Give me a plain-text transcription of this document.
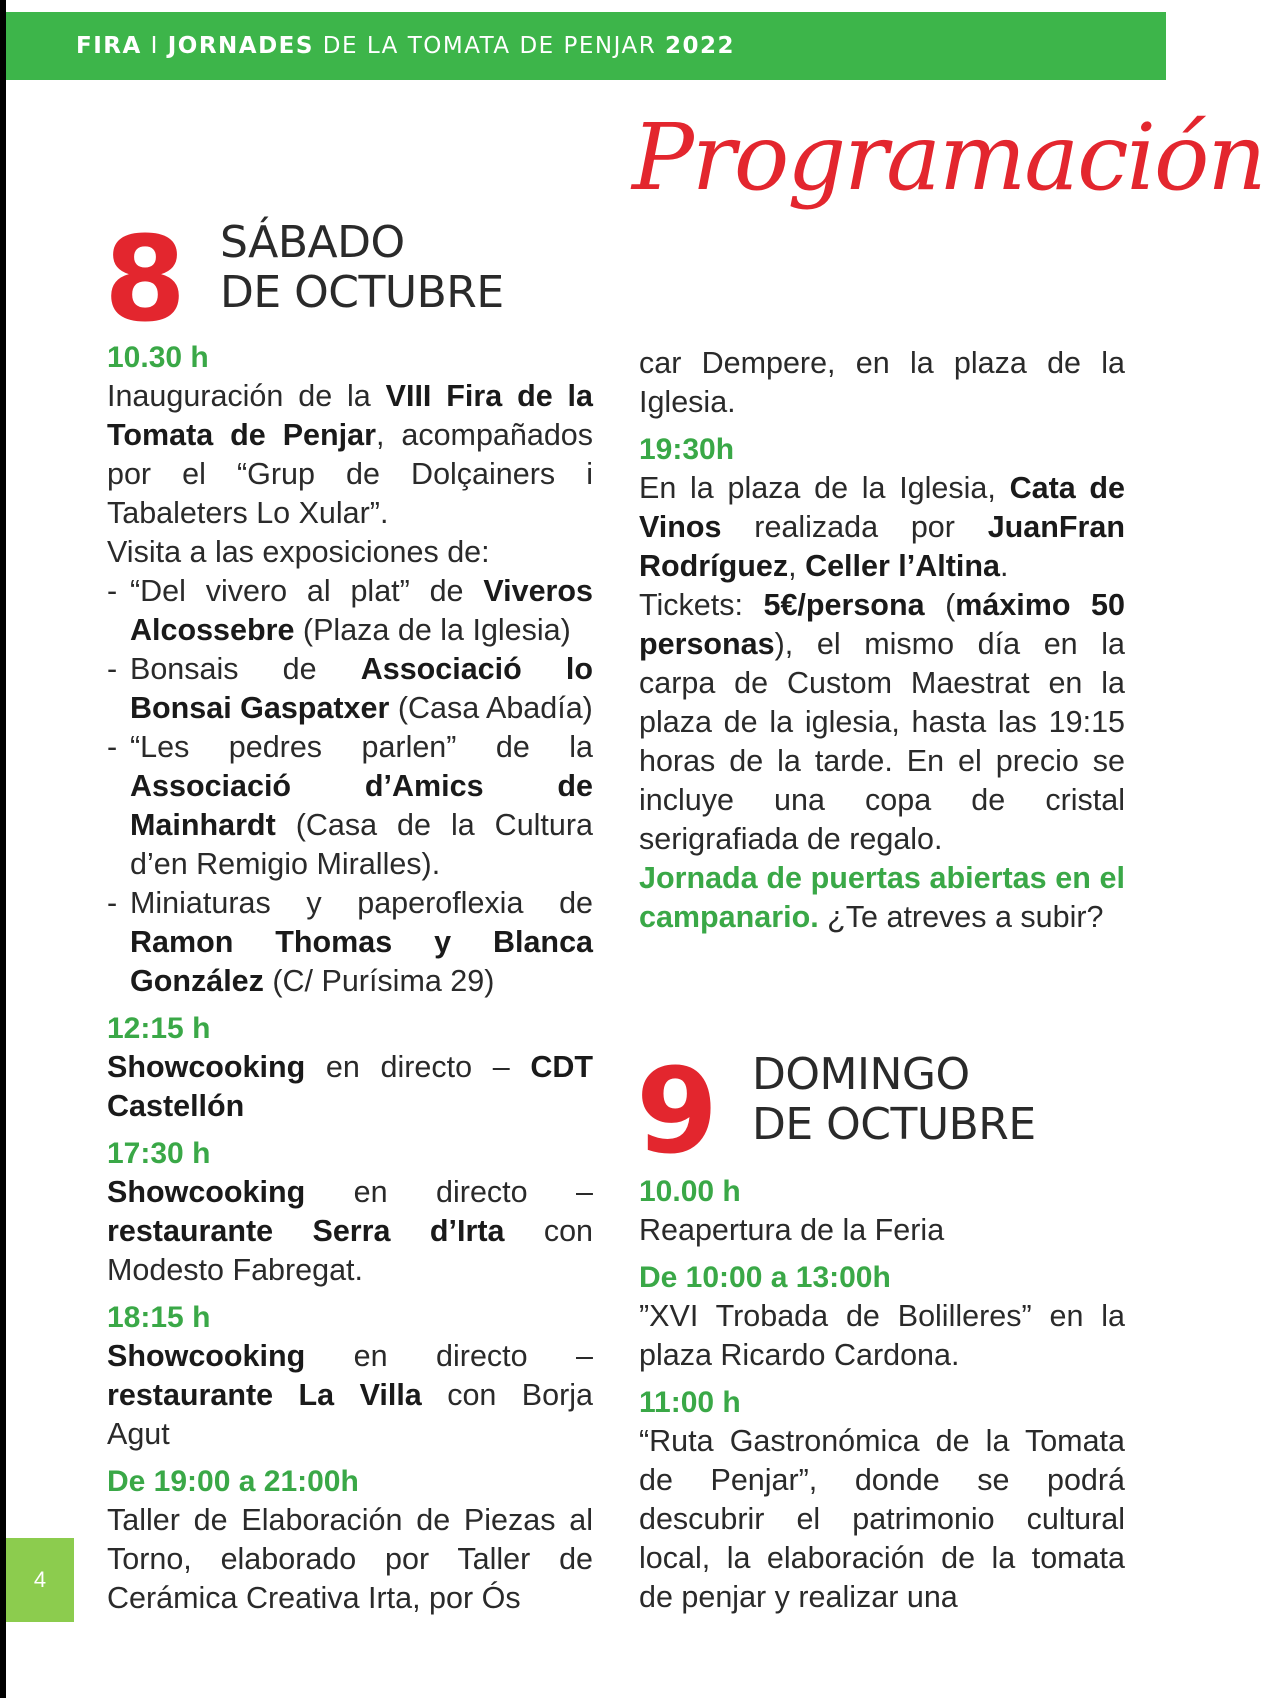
FIRA I JORNADES DE LA TOMATA DE PENJAR 2022
Programación
8 SÁBADO
DE OCTUBRE
10.30 h

Inauguración de la VIII Fira de la Tomata de Penjar, acompañados por el “Grup de Dolçainers i Tabaleters Lo Xular”.

Visita a las exposiciones de:

- “Del vivero al plat” de Viveros Alcossebre (Plaza de la Iglesia)
- Bonsais de Associació lo Bonsai Gaspatxer (Casa Abadía)
- “Les pedres parlen” de la Associació d’Amics de Mainhardt (Casa de la Cultura d’en Remigio Miralles).
- Miniaturas y paperoflexia de Ramon Thomas y Blanca González (C/ Purísima 29)
12:15 h

Showcooking en directo – CDT Castellón

17:30 h

Showcooking en directo – restaurante Serra d’Irta con Modesto Fabregat.

18:15 h

Showcooking en directo – restaurante La Villa con Borja Agut

De 19:00 a 21:00h

Taller de Elaboración de Piezas al Torno, elaborado por Taller de Cerámica Creativa Irta, por Ós

car Dempere, en la plaza de la Iglesia.

19:30h

En la plaza de la Iglesia, Cata de Vinos realizada por JuanFran Rodríguez, Celler l’Altina.

Tickets: 5€/persona (máximo 50 personas), el mismo día en la carpa de Custom Maestrat en la plaza de la iglesia, hasta las 19:15 horas de la tarde. En el precio se incluye una copa de cristal serigrafiada de regalo.

Jornada de puertas abiertas en el campanario. ¿Te atreves a subir?

9 DOMINGO
DE OCTUBRE
10.00 h

Reapertura de la Feria

De 10:00 a 13:00h

”XVI Trobada de Bolilleres” en la plaza Ricardo Cardona.

11:00 h

“Ruta Gastronómica de la Tomata de Penjar”, donde se podrá descubrir el patrimonio cultural local, la elaboración de la tomata de penjar y realizar una

4
